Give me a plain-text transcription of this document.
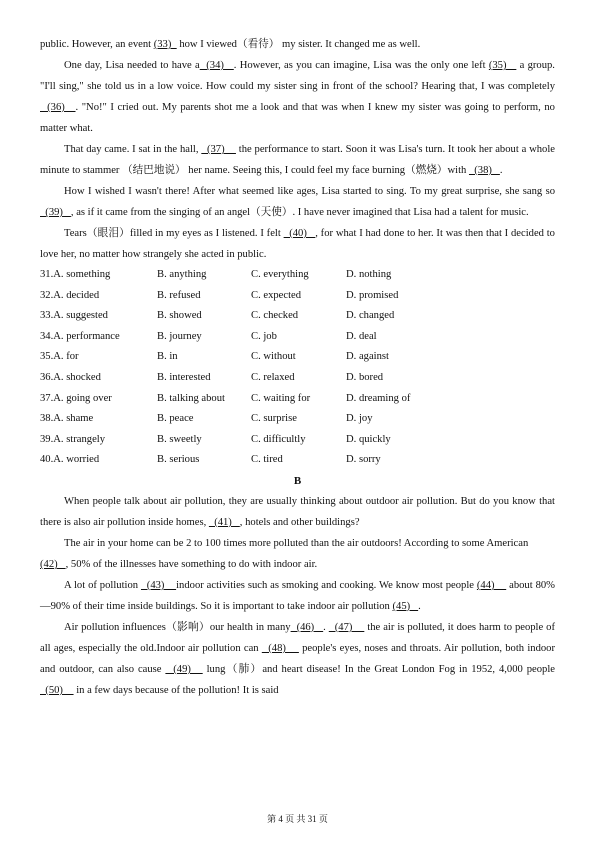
public. However, an event (33)   how I viewed（看待） my sister. It changed me as well.

One day, Lisa needed to have a  (34)   . However, as you can imagine, Lisa was the only one left (35)    a group. "I'll sing," she told us in a low voice. How could my sister sing in front of the school? Hearing that, I was completely   (36)   . "No!" I cried out. My parents shot me a look and that was when I knew my sister was going to perform, no matter what.

That day came. I sat in the hall,   (37)     the performance to start. Soon it was Lisa's turn. It took her about a whole minute to stammer （结巴地说） her name. Seeing this, I could feel my face burning（燃烧）with   (38)   .

How I wished I wasn't there! After what seemed like ages, Lisa started to sing. To my great surprise, she sang so   (39)   , as if it came from the singing of an angel（天使）. I have never imagined that Lisa had a talent for music.

Tears（眼泪）filled in my eyes as I listened. I felt   (40)   , for what I had done to her. It was then that I decided to love her, no matter how strangely she acted in public.

31.A. something	B. anything	C. everything	D. nothing
32.A. decided	B. refused	C. expected	D. promised
33.A. suggested	B. showed	C. checked	D. changed
34.A. performance	B. journey	C. job	D. deal
35.A. for	B. in	C. without	D. against
36.A. shocked	B. interested	C. relaxed	D. bored
37.A. going over	B. talking about C. waiting for	D. dreaming of
38.A. shame	B. peace	C. surprise	D. joy
39.A. strangely	B. sweetly	C. difficultly	D. quickly
40.A. worried	B. serious	C. tired	D. sorry
B

When people talk about air pollution, they are usually thinking about outdoor air pollution. But do you know that there is also air pollution inside homes,   (41)   , hotels and other buildings?

The air in your home can be 2 to 100 times more polluted than the air outdoors! According to some American

(42)   , 50% of the illnesses have something to do with indoor air.

A lot of pollution   (43)    indoor activities such as smoking and cooking. We know most people (44)     about 80%—90% of their time inside buildings. So it is important to take indoor air pollution (45)   .

Air pollution influences（影响）our health in many  (46)   .   (47)     the air is polluted, it does harm to people of all ages, especially the old.Indoor air pollution can   (48)     people's eyes, noses and throats. Air pollution, both indoor and outdoor, can also cause   (49)    lung（肺）and heart disease! In the Great London Fog in 1952, 4,000 people   (50)     in a few days because of the pollution! It is said

第 4 页 共 31 页
